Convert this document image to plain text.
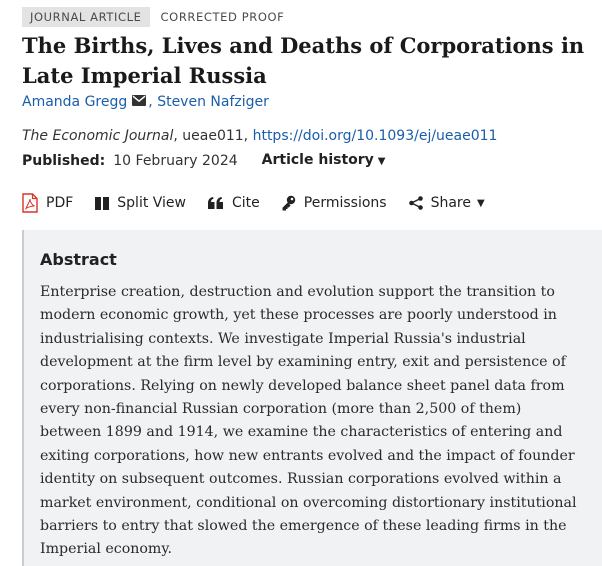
JOURNAL ARTICLE	CORRECTED PROOF
The Births, Lives and Deaths of Corporations in Late Imperial Russia
Amanda Gregg , Steven Nafziger
The Economic Journal, ueae011, https://doi.org/10.1093/ej/ueae011
Published: 10 February 2024 Article history ▼
PDF	Split View	Cite	Permissions	Share ▼
Abstract

Enterprise creation, destruction and evolution support the transition to modern economic growth, yet these processes are poorly understood in industrialising contexts. We investigate Imperial Russia's industrial development at the firm level by examining entry, exit and persistence of corporations. Relying on newly developed balance sheet panel data from every non-financial Russian corporation (more than 2,500 of them) between 1899 and 1914, we examine the characteristics of entering and exiting corporations, how new entrants evolved and the impact of founder identity on subsequent outcomes. Russian corporations evolved within a market environment, conditional on overcoming distortionary institutional barriers to entry that slowed the emergence of these leading firms in the Imperial economy.
